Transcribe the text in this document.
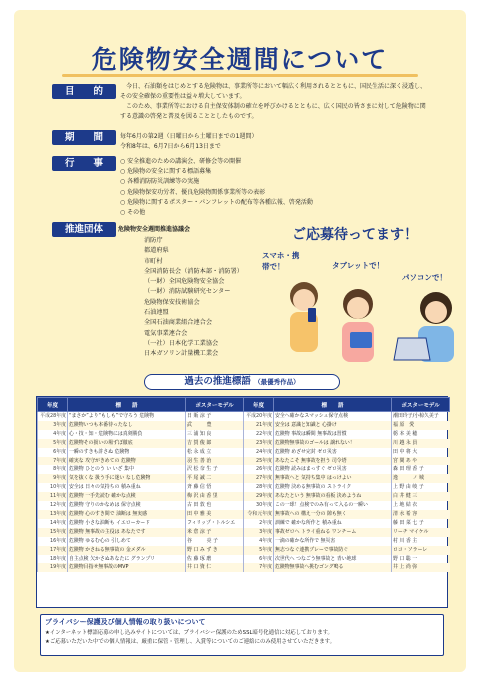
危険物安全週間について
目　　的	今日、石油類をはじめとする危険物は、事業所等において幅広く利用されるとともに、国民生活に深く浸透し、その安全確保の重要性は益々増大しています。

このため、事業所等における自主保安体制の確立を呼びかけるとともに、広く国民の皆さまに対して危険物に関する意識の啓発と普及を図ることとしたものです。

期　　間	毎年6月の第2週（日曜日から土曜日までの1週間）
令和8年は、6月7日から6月13日まで
行　　事	○ 安全推進のための講演会、研修会等の開催
○ 危険物の安全に関する標語募集
○ 各種消防防災訓練等の実施
○ 危険物保安功労者、優良危険物関係事業所等の表彰
○ 危険物に関するポスター・パンフレットの配布等各種広報、啓発活動
○ その他
推進団体	危険物安全週間推進協議会
消防庁
都道府県
市町村
全国消防長会（消防本部・消防署）
（一財）全国危険物安全協会
（一財）消防試験研究センター
危険物保安技術協会
石油連盟
全国石油商業組合連合会
電気事業連合会
（一社）日本化学工業協会
日本ガソリン計量機工業会
ご応募待ってます！
スマホ・携帯で！	タブレットで！
パソコンで！
過去の推進標語 （最優秀作品）
年度	標　　語	ポスターモデル	年度	標　　語	ポスターモデル
平成28年度	“まさか”より“もしも”で守ろう 危険物	日 販 涼 子	平成20年度	安全へ確かなスマッシュ保守点検	潮田玲子/小椋久美子
3年度	危険物いつも本番待ったなし	武　　　豊	21年度	安全は 意識と知識と 心掛け	福 原　愛
4年度	心・技・知・危険物には真剣勝負	三 浦 知 良	22年度	危険物 事故は瞬間 無事故は習慣	栃 本 美 穂
5年度	危険物その扱いの場ずぼ徹底	吉 賀 俊 郎	23年度	危険物無事故のゴールは 譲れない！	川 越 永 員
6年度	一瞬のすきも許さぬ 危険物	松 永 成 立	24年度	危険物 めざせ完封 ゼロ災害	田 中 将 大
7年度	確実な 攻守がきめての 危険物	羽 生 善 治	25年度	あなたこそ 無事故を担う 司令塔	宮 間 あ や
8年度	危険物 ひとのう い いざ 集中	沢 松 奈 生 子	26年度	危険物 読みはまっすぐ ゼロ災害	森 田 理 香 子
9年度	気を抜くな 扱う手に迷い なし危険物	平 尾 誠 二	27年度	無事故へと 気持ち集中 はっけよい	逸　　　ノ 城
10年度	安全は 日々の気持ちの 積み重ね	斉 藤 信 悟	28年度	危険物 決める無事故の ストライク	上 野 由 岐 子
11年度	危険物 一手先読む 確かな点検	梅 沢 由 香 里	29年度	あなたという 無事故の看板 決めようね	白 井 健 三
12年度	危険物 守りのかなめは 保守点検	古 田 敦 也	30年度	この一球！点検でのみ有って入るの一瞬い	上 地 結 衣
13年度	危険物 心のすき間で 油断は 無実感	田 中 雅 美	令和元年度	無事故への 構え一分の 隙も無く	清 水 希 容
14年度	危険物 小さな油断も イエローカード	フィリップ・トルシエ	2年度	訓練で 確かな所作と 積み重ね	藤 田 菜 七 子
15年度	危険物 無事故の主役は あなたです	米 倉 涼 子	3年度	事故ゼロへ トライ重ねる ワンチーム	リーチ マイケル
16年度	危険物 ゆるむ心の 引しめて	谷　　　亮 子	4年度	一滴の確かな所作で 無災害	村 川 香 主
17年度	危険物 かさねる無事故の 金メダル	野 口 み ず き	5年度	無志つなぐ連携プレーで事故防ぐ	ロコ・ソラーレ
18年度	自主点検 欠かさぬあなたに グランプリ	佐 藤 琢 磨	6年度	次世代へ つなごう無事故と 青い地球	野 口 聡 一
19年度	危険物目指せ無事故のMVP	井 口 資 仁	7年度	危険物無事故へ挑むゴング鳴る	井 上 尚 弥
プライバシー保護及び個人情報の取り扱いについて
★インターネット標語応募の申し込みサイトについては、プライバシー保護のためSSL暗号化通信に対応しております。
★ご応募いただいた中での個人情報は、厳重に保管・管理し、入賞等についてのご連絡にのみ使用させていただきます。
